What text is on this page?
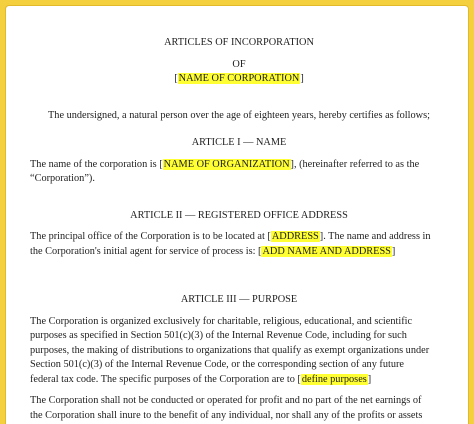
ARTICLES OF INCORPORATION

OF

[NAME OF CORPORATION]

The undersigned, a natural person over the age of eighteen years, hereby certifies as follows;

ARTICLE I — NAME

The name of the corporation is [NAME OF ORGANIZATION], (hereinafter referred to as the
“Corporation”).

ARTICLE II — REGISTERED OFFICE ADDRESS

The principal office of the Corporation is to be located at [ADDRESS]. The name and address in
the Corporation's initial agent for service of process is: [ADD NAME AND ADDRESS]

ARTICLE III — PURPOSE

The Corporation is organized exclusively for charitable, religious, educational, and scientific
purposes as specified in Section 501(c)(3) of the Internal Revenue Code, including for such
purposes, the making of distributions to organizations that qualify as exempt organizations under
Section 501(c)(3) of the Internal Revenue Code, or the corresponding section of any future
federal tax code. The specific purposes of the Corporation are to [define purposes]

The Corporation shall not be conducted or operated for profit and no part of the net earnings of
the Corporation shall inure to the benefit of any individual, nor shall any of the profits or assets
